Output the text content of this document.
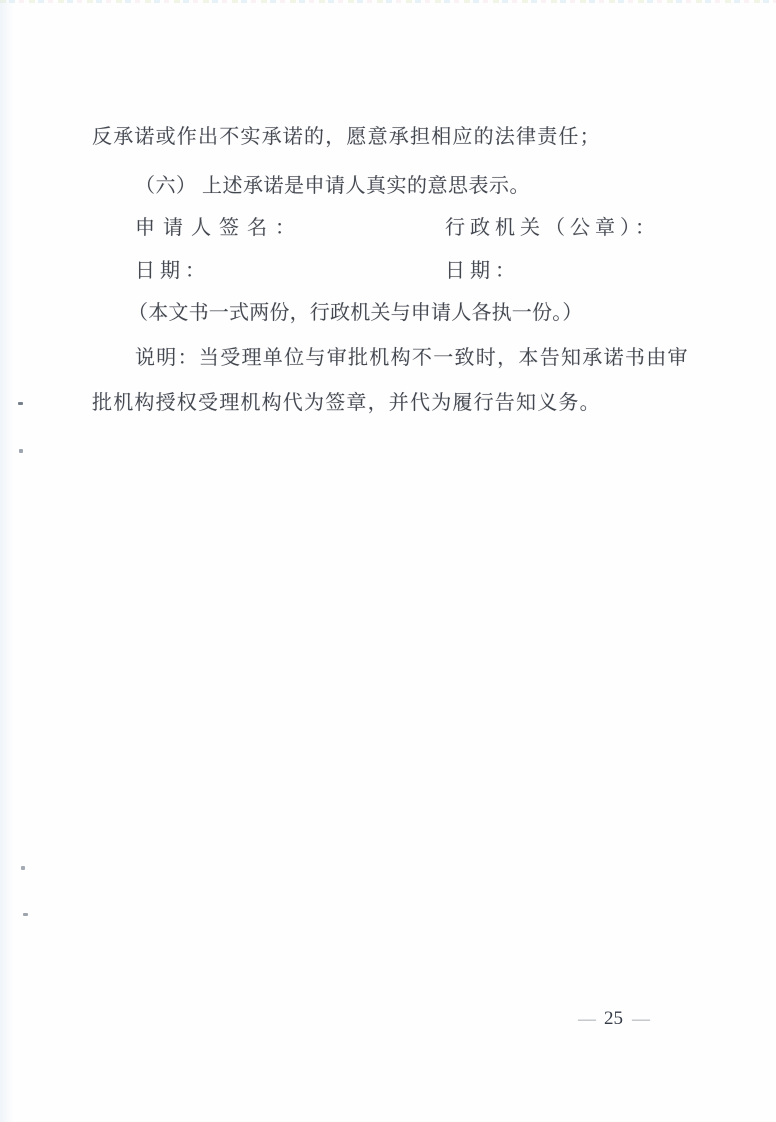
反承诺或作出不实承诺的，愿意承担相应的法律责任；

（六） 上述承诺是申请人真实的意思表示。

申请人签名：	行政机关（公章）：

日期：	日期：

（本文书一式两份，行政机关与申请人各执一份。）

说明：当受理单位与审批机构不一致时，本告知承诺书由审

批机构授权受理机构代为签章，并代为履行告知义务。

— 25 —
